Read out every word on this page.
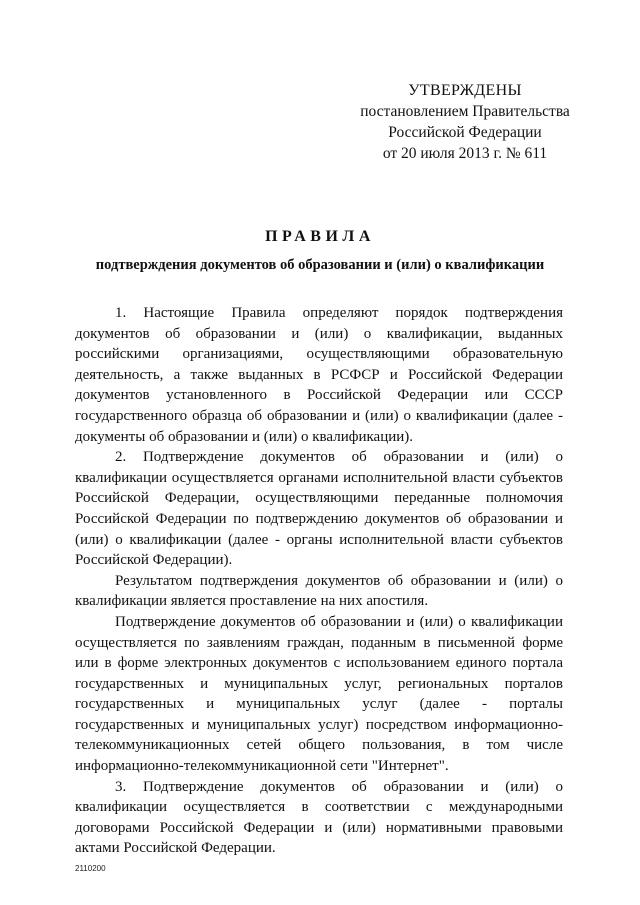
УТВЕРЖДЕНЫ
постановлением Правительства
Российской Федерации
от 20 июля 2013 г. № 611
ПРАВИЛА
подтверждения документов об образовании и (или) о квалификации

1. Настоящие Правила определяют порядок подтверждения документов об образовании и (или) о квалификации, выданных российскими организациями, осуществляющими образовательную деятельность, а также выданных в РСФСР и Российской Федерации документов установленного в Российской Федерации или СССР государственного образца об образовании и (или) о квалификации (далее - документы об образовании и (или) о квалификации).

2. Подтверждение документов об образовании и (или) о квалификации осуществляется органами исполнительной власти субъектов Российской Федерации, осуществляющими переданные полномочия Российской Федерации по подтверждению документов об образовании и (или) о квалификации (далее - органы исполнительной власти субъектов Российской Федерации).

Результатом подтверждения документов об образовании и (или) о квалификации является проставление на них апостиля.

Подтверждение документов об образовании и (или) о квалификации осуществляется по заявлениям граждан, поданным в письменной форме или в форме электронных документов с использованием единого портала государственных и муниципальных услуг, региональных порталов государственных и муниципальных услуг (далее - порталы государственных и муниципальных услуг) посредством информационно-телекоммуникационных сетей общего пользования, в том числе информационно-телекоммуникационной сети "Интернет".

3. Подтверждение документов об образовании и (или) о квалификации осуществляется в соответствии с международными договорами Российской Федерации и (или) нормативными правовыми актами Российской Федерации.

2110200
